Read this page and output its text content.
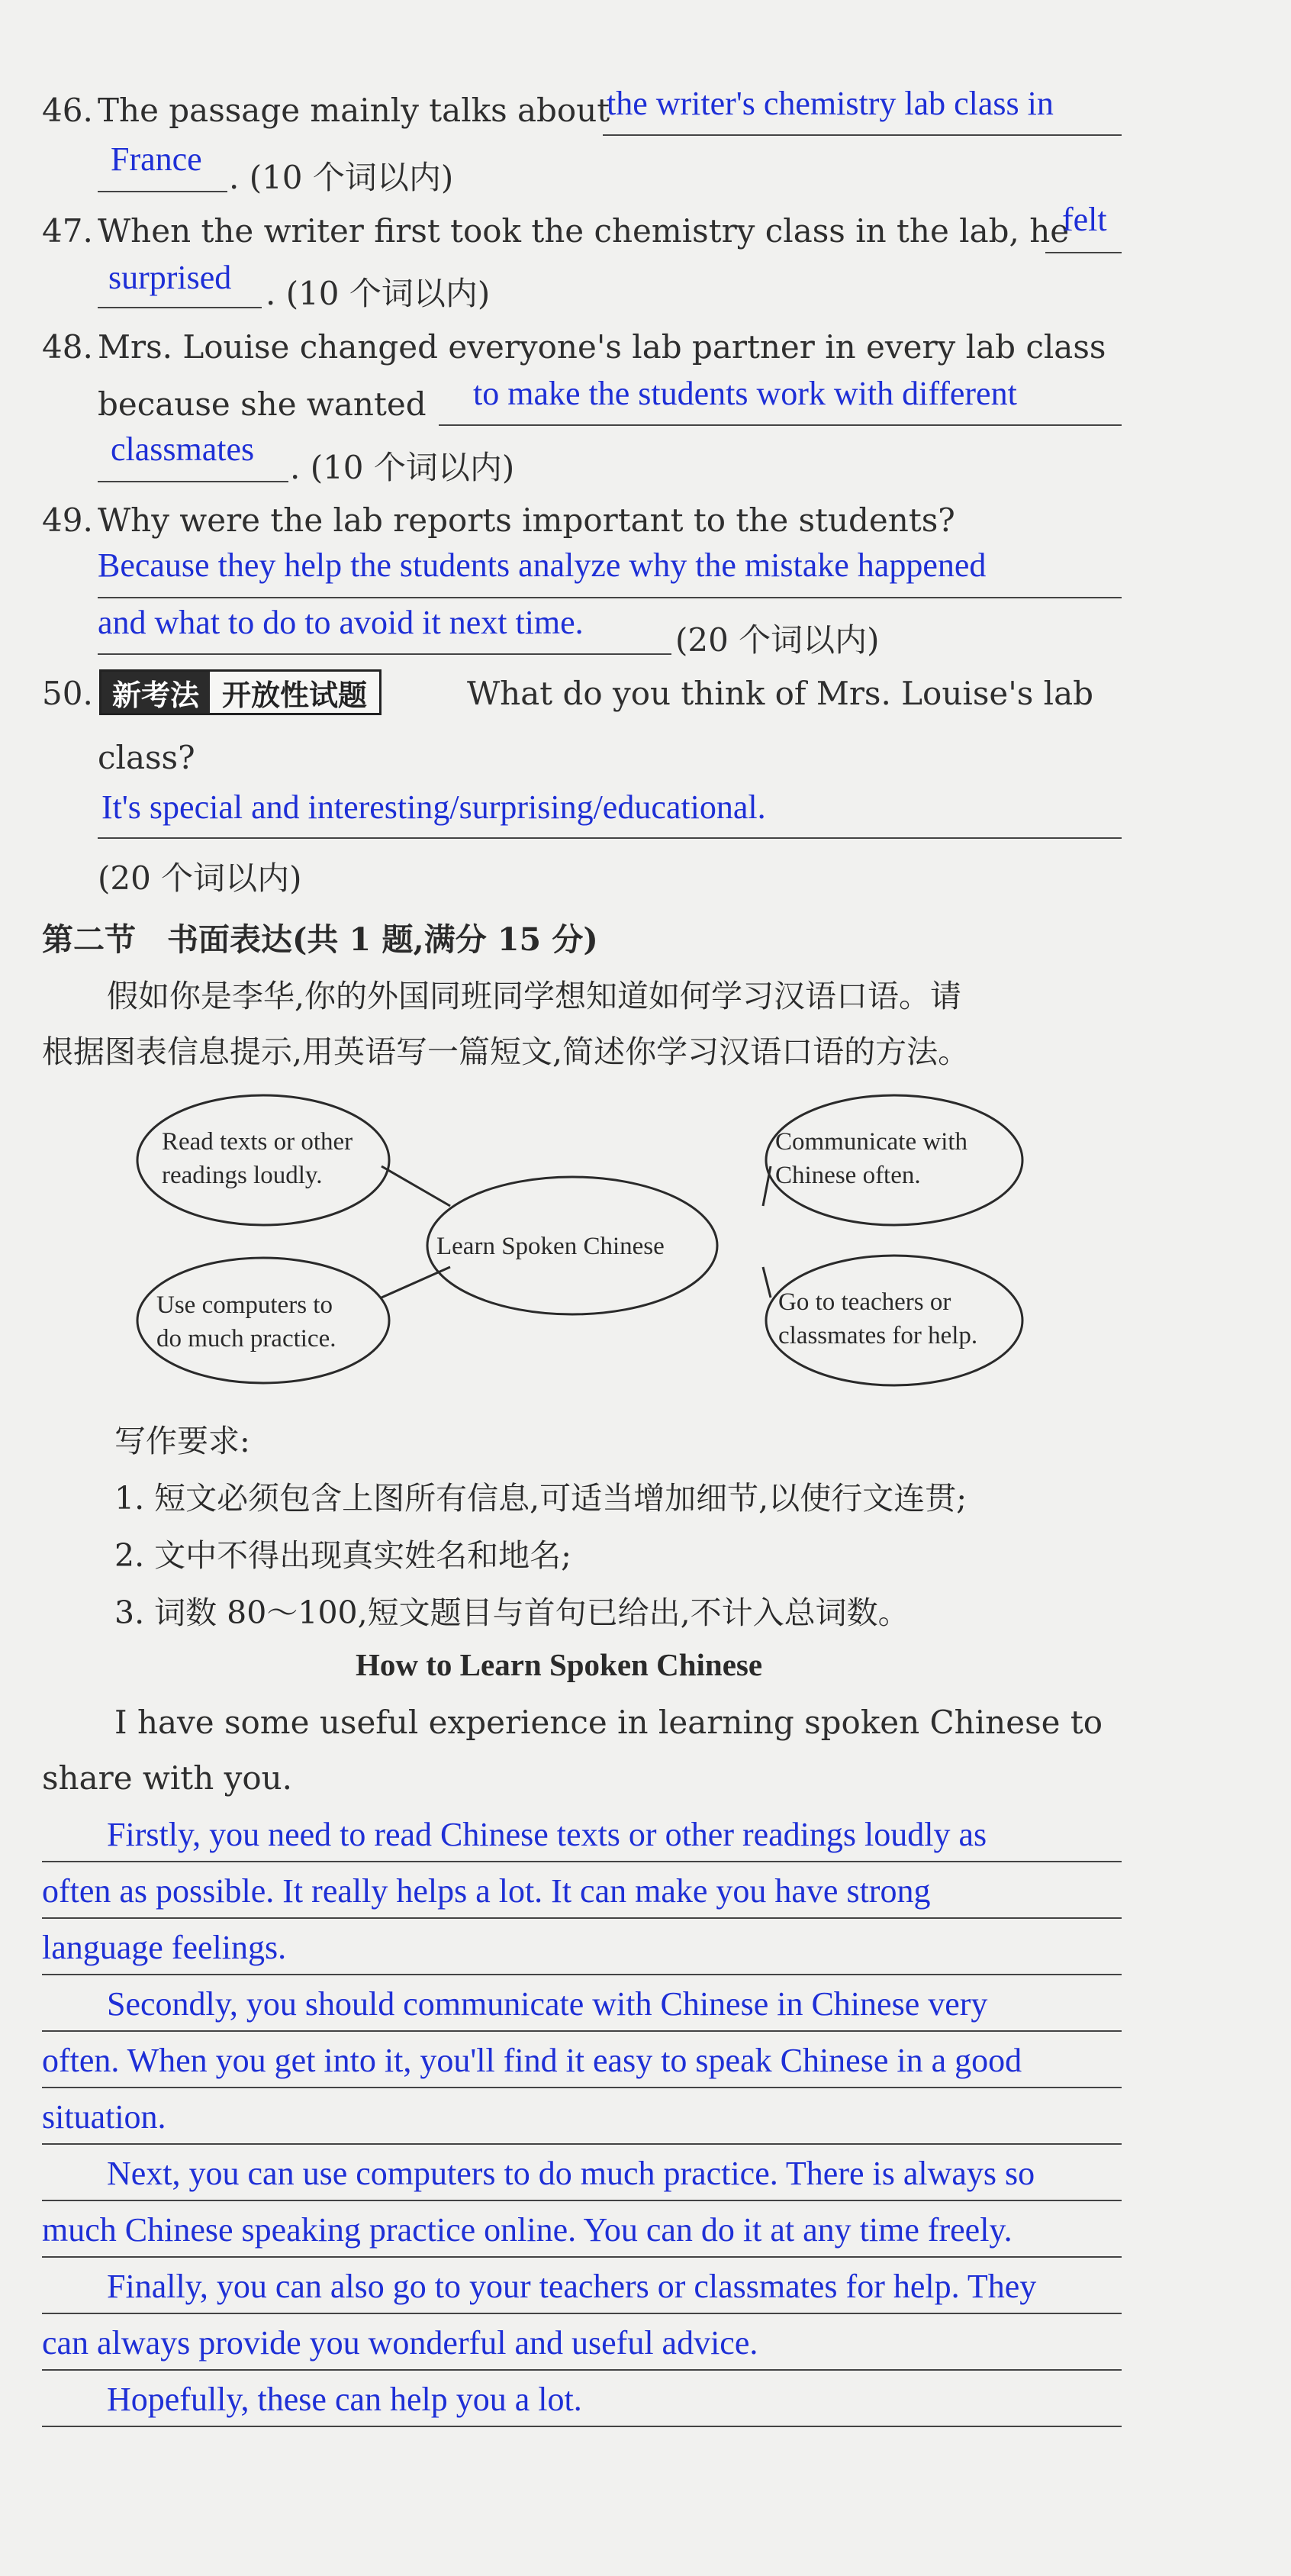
46. The passage mainly talks about
the writer's chemistry lab class in
France . (10 个词以内)
47. When the writer first took the chemistry class in the lab, he
felt
surprised . (10 个词以内)
48. Mrs. Louise changed everyone's lab partner in every lab class
because she wanted to make the students work with different
classmates . (10 个词以内)
49. Why were the lab reports important to the students?
Because they help the students analyze why the mistake happened
and what to do to avoid it next time.	(20 个词以内)
50. 新考法 开放性试题	What do you think of Mrs. Louise's lab
class?
It's special and interesting/surprising/educational.
(20 个词以内)
第二节　书面表达(共 1 题,满分 15 分)
假如你是李华,你的外国同班同学想知道如何学习汉语口语。请
根据图表信息提示,用英语写一篇短文,简述你学习汉语口语的方法。
Read texts or other
readings loudly.
Communicate with
Chinese often.
Learn Spoken Chinese
Use computers to
do much practice.
Go to teachers or
classmates for help.
写作要求:
1. 短文必须包含上图所有信息,可适当增加细节,以使行文连贯;
2. 文中不得出现真实姓名和地名;
3. 词数 80～100,短文题目与首句已给出,不计入总词数。
How to Learn Spoken Chinese
I have some useful experience in learning spoken Chinese to
share with you.
Firstly, you need to read Chinese texts or other readings loudly as
often as possible. It really helps a lot. It can make you have strong
language feelings.
Secondly, you should communicate with Chinese in Chinese very
often. When you get into it, you'll find it easy to speak Chinese in a good
situation.
Next, you can use computers to do much practice. There is always so
much Chinese speaking practice online. You can do it at any time freely.
Finally, you can also go to your teachers or classmates for help. They
can always provide you wonderful and useful advice.
Hopefully, these can help you a lot.
